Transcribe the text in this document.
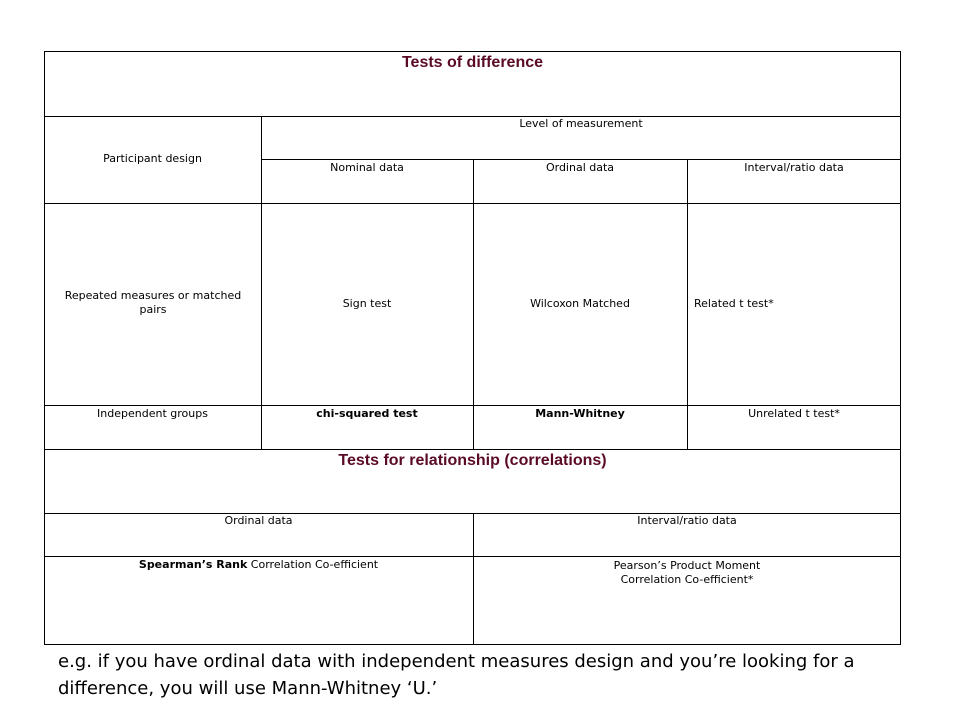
Tests of difference
Participant design
Level of measurement
Nominal data	Ordinal data	Interval/ratio data
Repeated measures or matched pairs	Sign test	Wilcoxon Matched	Related t test*
Independent groups	chi-squared test	Mann-Whitney	Unrelated t test*
Tests for relationship (correlations)
Ordinal data	Interval/ratio data
Spearman’s Rank Correlation Co-efficient	Pearson’s Product Moment
Correlation Co-efficient*
e.g. if you have ordinal data with independent measures design and you’re looking for a difference, you will use Mann-Whitney ‘U.’
